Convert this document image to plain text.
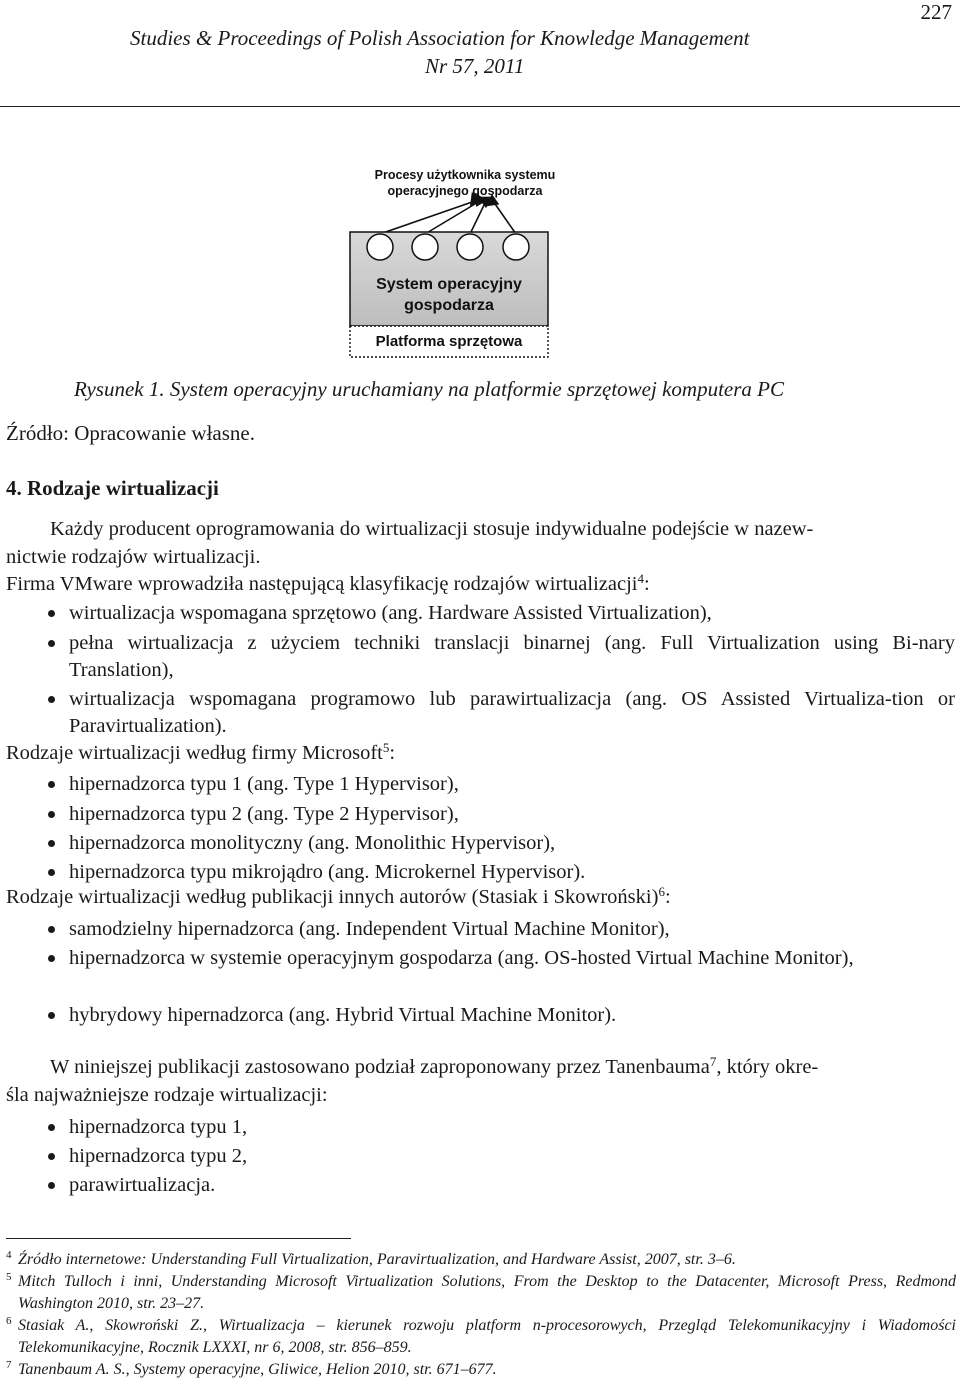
Studies & Proceedings of Polish Association for Knowledge Management
Nr 57, 2011
227
Procesy użytkownika systemu
operacyjnego gospodarza
System operacyjny
gospodarza
Platforma sprzętowa
Rysunek 1. System operacyjny uruchamiany na platformie sprzętowej komputera PC
Źródło: Opracowanie własne.
4. Rodzaje wirtualizacji
Każdy producent oprogramowania do wirtualizacji stosuje indywidualne podejście w nazew-
nictwie rodzajów wirtualizacji.
Firma VMware wprowadziła następującą klasyfikację rodzajów wirtualizacji$^4$:
wirtualizacja wspomagana sprzętowo (ang. Hardware Assisted Virtualization),
pełna wirtualizacja z użyciem techniki translacji binarnej (ang. Full Virtualization using Bi-nary Translation),
wirtualizacja wspomagana programowo lub parawirtualizacja (ang. OS Assisted Virtualiza-tion or Paravirtualization).
Rodzaje wirtualizacji według firmy Microsoft$^5$:
hipernadzorca typu 1 (ang. Type 1 Hypervisor),
hipernadzorca typu 2 (ang. Type 2 Hypervisor),
hipernadzorca monolityczny (ang. Monolithic Hypervisor),
hipernadzorca typu mikrojądro (ang. Microkernel Hypervisor).
Rodzaje wirtualizacji według publikacji innych autorów (Stasiak i Skowroński)$^6$:
samodzielny hipernadzorca (ang. Independent Virtual Machine Monitor),
hipernadzorca w systemie operacyjnym gospodarza (ang. OS-hosted Virtual Machine Monitor),
hybrydowy hipernadzorca (ang. Hybrid Virtual Machine Monitor).
W niniejszej publikacji zastosowano podział zaproponowany przez Tanenbauma$^7$, który okre-
śla najważniejsze rodzaje wirtualizacji:
hipernadzorca typu 1,
hipernadzorca typu 2,
parawirtualizacja.
4 Źródło internetowe: Understanding Full Virtualization, Paravirtualization, and Hardware Assist, 2007, str. 3–6.
5 Mitch Tulloch i inni, Understanding Microsoft Virtualization Solutions, From the Desktop to the Datacenter, Microsoft Press, Redmond Washington 2010, str. 23–27.
6 Stasiak A., Skowroński Z., Wirtualizacja – kierunek rozwoju platform n-procesorowych, Przegląd Telekomunikacyjny i Wiadomości Telekomunikacyjne, Rocznik LXXXI, nr 6, 2008, str. 856–859.
7 Tanenbaum A. S., Systemy operacyjne, Gliwice, Helion 2010, str. 671–677.
